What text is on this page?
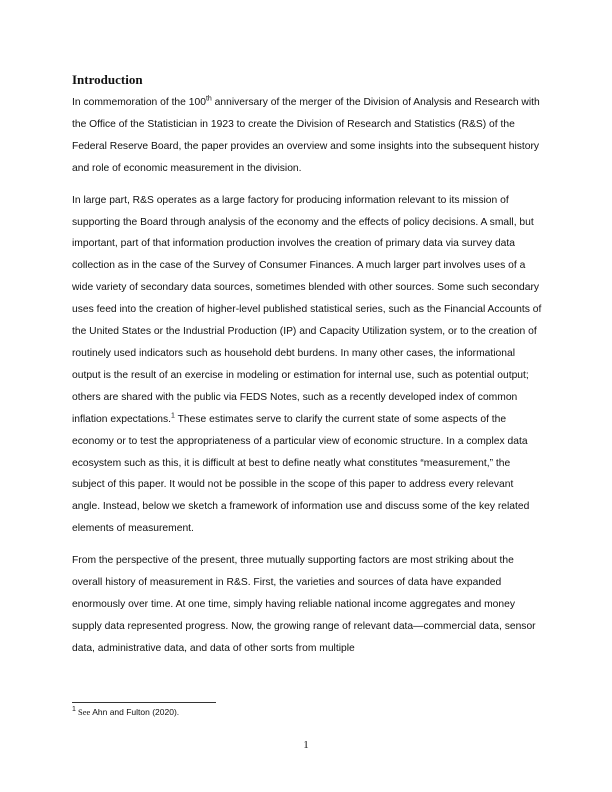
Introduction

In commemoration of the 100th anniversary of the merger of the Division of Analysis and Research with the Office of the Statistician in 1923 to create the Division of Research and Statistics (R&S) of the Federal Reserve Board, the paper provides an overview and some insights into the subsequent history and role of economic measurement in the division.

In large part, R&S operates as a large factory for producing information relevant to its mission of supporting the Board through analysis of the economy and the effects of policy decisions. A small, but important, part of that information production involves the creation of primary data via survey data collection as in the case of the Survey of Consumer Finances. A much larger part involves uses of a wide variety of secondary data sources, sometimes blended with other sources. Some such secondary uses feed into the creation of higher-level published statistical series, such as the Financial Accounts of the United States or the Industrial Production (IP) and Capacity Utilization system, or to the creation of routinely used indicators such as household debt burdens. In many other cases, the informational output is the result of an exercise in modeling or estimation for internal use, such as potential output; others are shared with the public via FEDS Notes, such as a recently developed index of common inflation expectations.$^1$ These estimates serve to clarify the current state of some aspects of the economy or to test the appropriateness of a particular view of economic structure. In a complex data ecosystem such as this, it is difficult at best to define neatly what constitutes “measurement,” the subject of this paper. It would not be possible in the scope of this paper to address every relevant angle. Instead, below we sketch a framework of information use and discuss some of the key related elements of measurement.

From the perspective of the present, three mutually supporting factors are most striking about the overall history of measurement in R&S. First, the varieties and sources of data have expanded enormously over time. At one time, simply having reliable national income aggregates and money supply data represented progress. Now, the growing range of relevant data—commercial data, sensor data, administrative data, and data of other sorts from multiple

$^1$ See Ahn and Fulton (2020).
1
